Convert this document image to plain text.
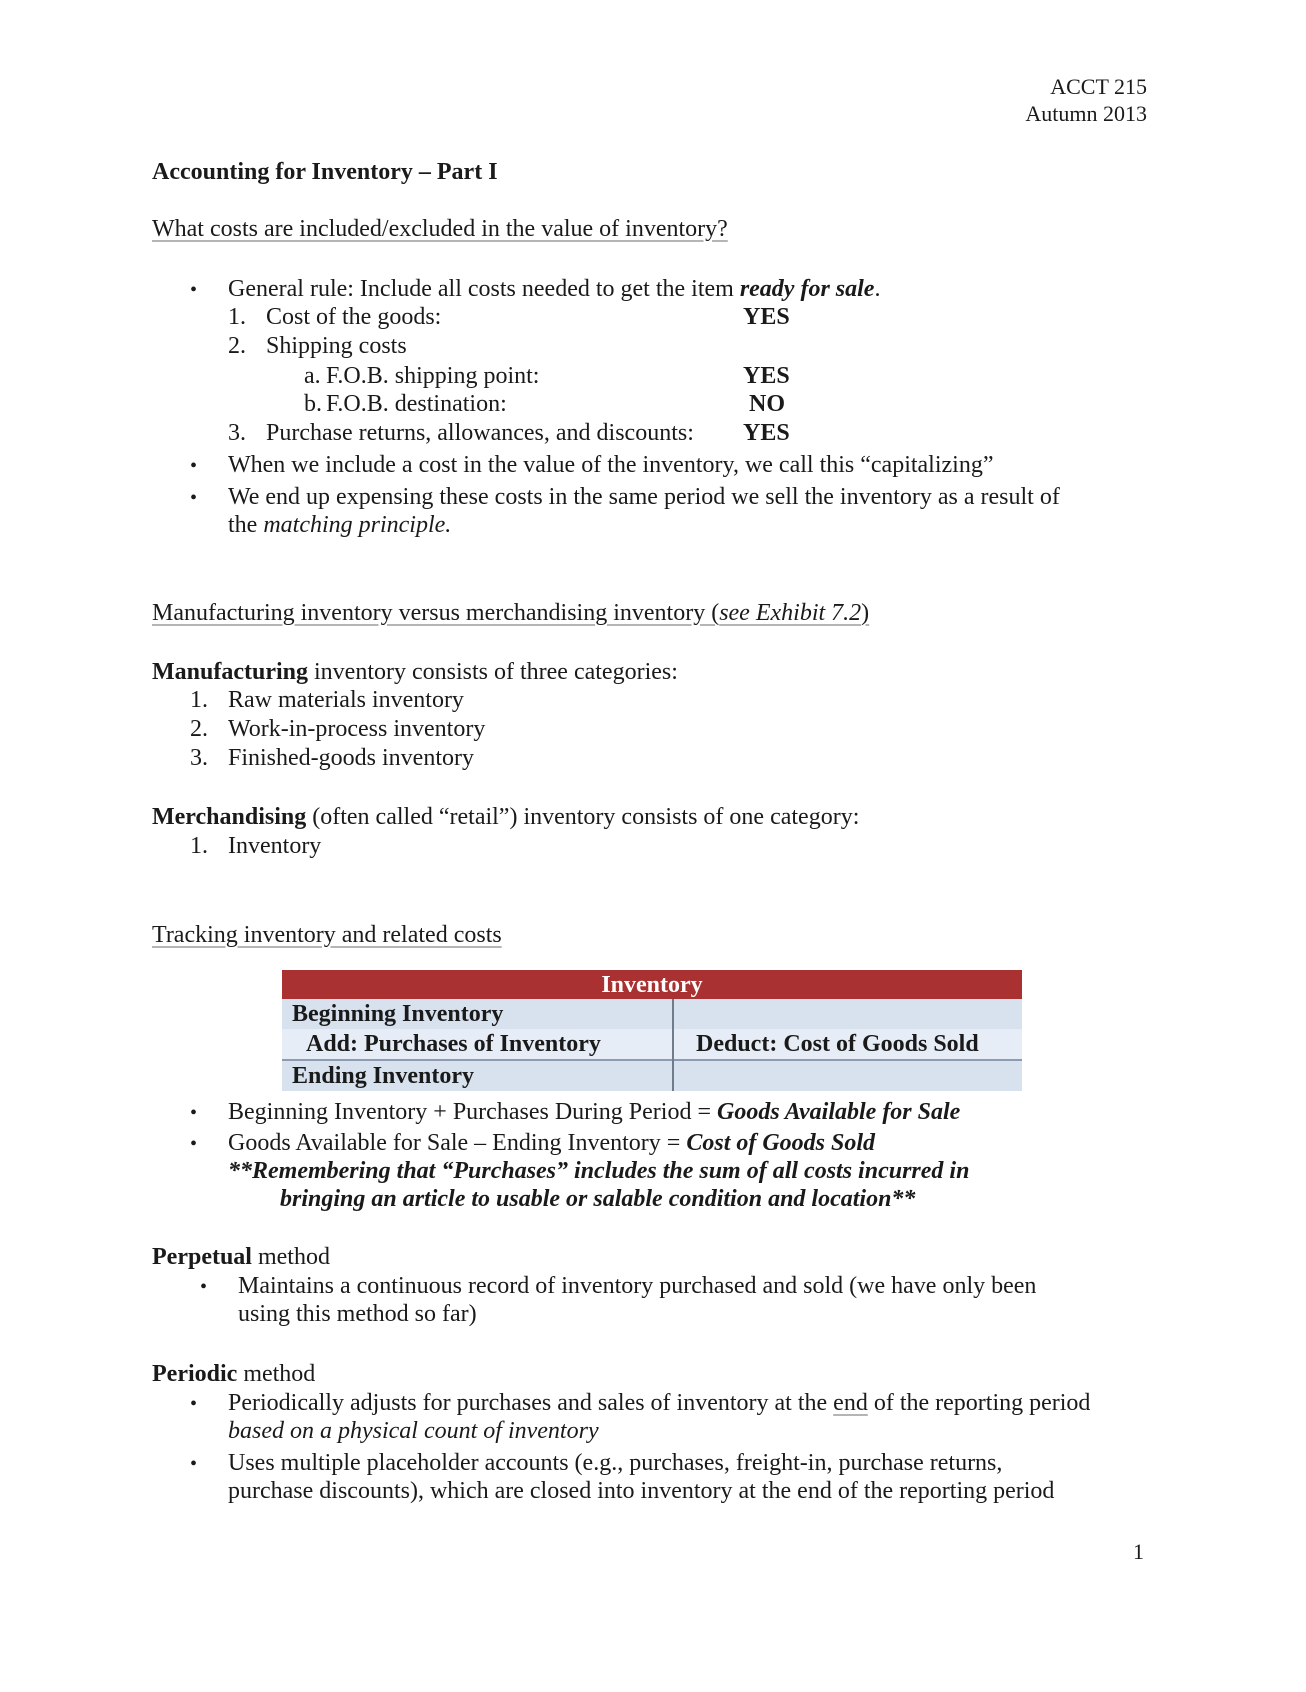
ACCT 215
Autumn 2013
Accounting for Inventory – Part I
What costs are included/excluded in the value of inventory?
• General rule: Include all costs needed to get the item ready for sale.
1. Cost of the goods:	YES
2. Shipping costs
a. F.O.B. shipping point:	YES
b. F.O.B. destination:	NO
3. Purchase returns, allowances, and discounts: YES
• When we include a cost in the value of the inventory, we call this “capitalizing”
• We end up expensing these costs in the same period we sell the inventory as a result of
the matching principle.
Manufacturing inventory versus merchandising inventory (see Exhibit 7.2)
Manufacturing inventory consists of three categories:
1. Raw materials inventory
2. Work-in-process inventory
3. Finished-goods inventory
Merchandising (often called “retail”) inventory consists of one category:
1. Inventory
Tracking inventory and related costs
Inventory	
Beginning Inventory	
Add: Purchases of Inventory	Deduct: Cost of Goods Sold
Ending Inventory	
• Beginning Inventory + Purchases During Period = Goods Available for Sale
• Goods Available for Sale – Ending Inventory = Cost of Goods Sold
**Remembering that “Purchases” includes the sum of all costs incurred in
bringing an article to usable or salable condition and location**
Perpetual method
• Maintains a continuous record of inventory purchased and sold (we have only been
using this method so far)
Periodic method
• Periodically adjusts for purchases and sales of inventory at the end of the reporting period
based on a physical count of inventory
• Uses multiple placeholder accounts (e.g., purchases, freight-in, purchase returns,
purchase discounts), which are closed into inventory at the end of the reporting period
1
